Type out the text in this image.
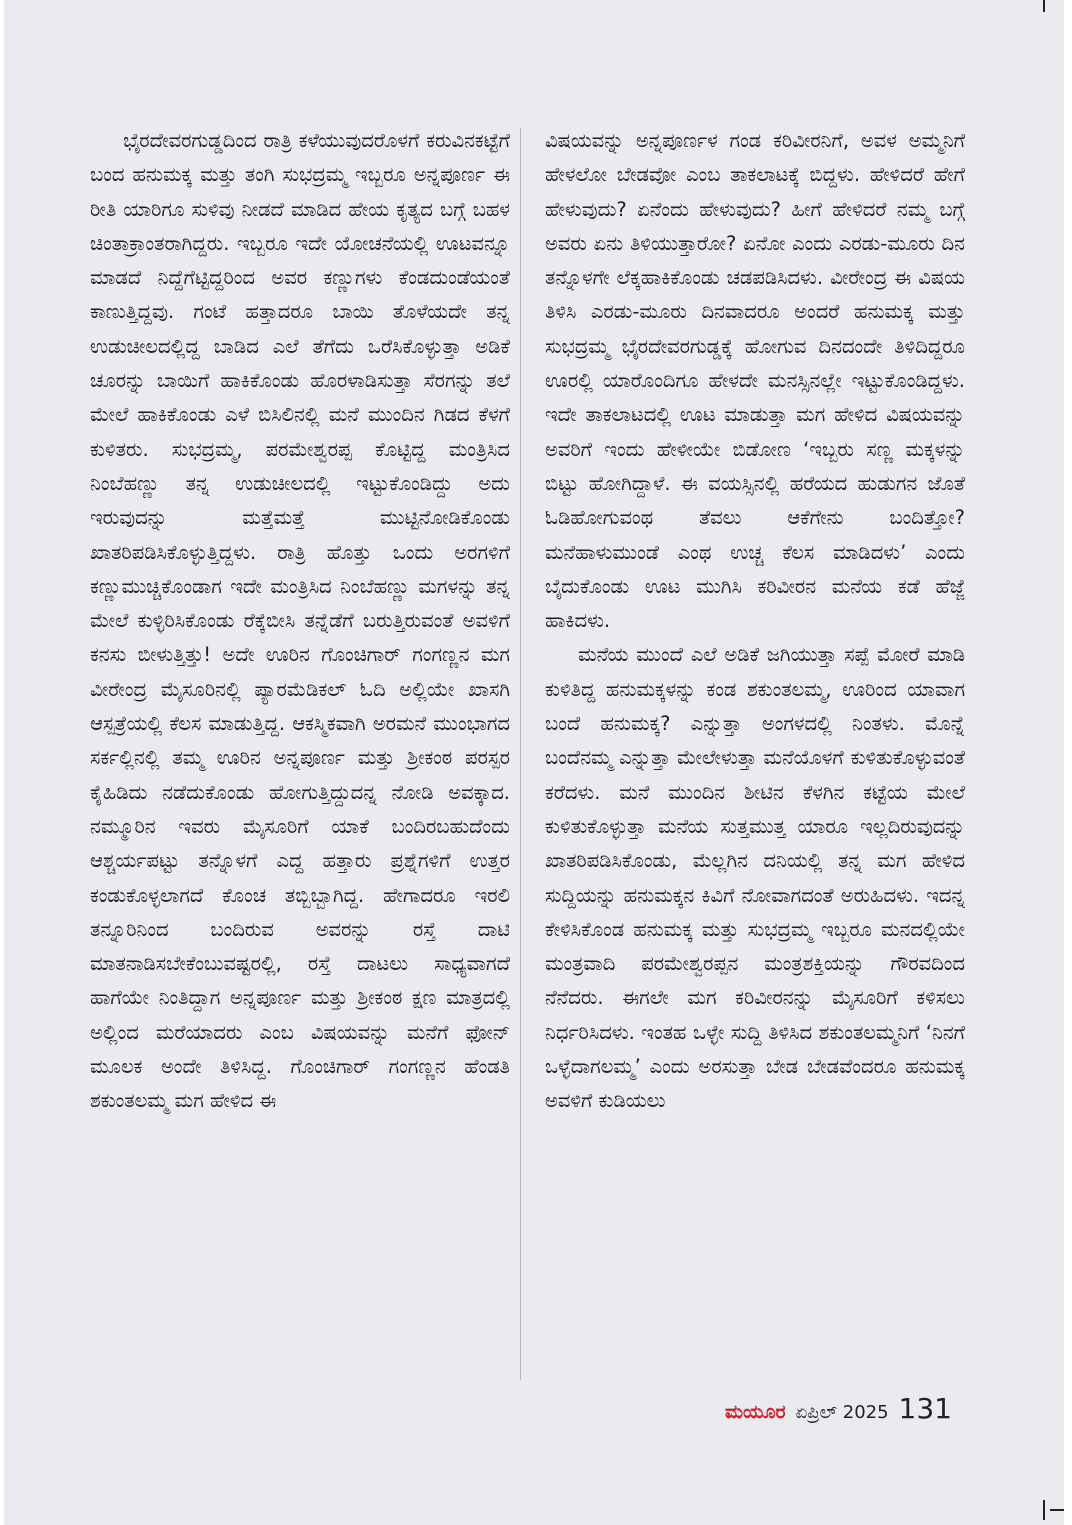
ಭೈರದೇವರಗುಡ್ಡದಿಂದ ರಾತ್ರಿ ಕಳೆಯುವುದರೊಳಗೆ ಕರುವಿನಕಟ್ಟೆಗೆ ಬಂದ ಹನುಮಕ್ಕ ಮತ್ತು ತಂಗಿ ಸುಭದ್ರಮ್ಮ ಇಬ್ಬರೂ ಅನ್ನಪೂರ್ಣ ಈ ರೀತಿ ಯಾರಿಗೂ ಸುಳಿವು ನೀಡದೆ ಮಾಡಿದ ಹೇಯ ಕೃತ್ಯದ ಬಗ್ಗೆ ಬಹಳ ಚಿಂತಾಕ್ರಾಂತರಾಗಿದ್ದರು. ಇಬ್ಬರೂ ಇದೇ ಯೋಚನೆಯಲ್ಲಿ ಊಟವನ್ನೂ ಮಾಡದೆ ನಿದ್ದೆಗೆಟ್ಟಿದ್ದರಿಂದ ಅವರ ಕಣ್ಣುಗಳು ಕೆಂಡದುಂಡೆಯಂತೆ ಕಾಣುತ್ತಿದ್ದವು. ಗಂಟೆ ಹತ್ತಾದರೂ ಬಾಯಿ ತೊಳೆಯದೇ ತನ್ನ ಉಡುಚೀಲದಲ್ಲಿದ್ದ ಬಾಡಿದ ಎಲೆ ತೆಗೆದು ಒರೆಸಿಕೊಳ್ಳುತ್ತಾ ಅಡಿಕೆ ಚೂರನ್ನು ಬಾಯಿಗೆ ಹಾಕಿಕೊಂಡು ಹೊರಳಾಡಿಸುತ್ತಾ ಸೆರಗನ್ನು ತಲೆ ಮೇಲೆ ಹಾಕಿಕೊಂಡು ಎಳೆ ಬಿಸಿಲಿನಲ್ಲಿ ಮನೆ ಮುಂದಿನ ಗಿಡದ ಕೆಳಗೆ ಕುಳಿತರು. ಸುಭದ್ರಮ್ಮ, ಪರಮೇಶ್ವರಪ್ಪ ಕೊಟ್ಟಿದ್ದ ಮಂತ್ರಿಸಿದ ನಿಂಬೆಹಣ್ಣು ತನ್ನ ಉಡುಚೀಲದಲ್ಲಿ ಇಟ್ಟುಕೊಂಡಿದ್ದು ಅದು ಇರುವುದನ್ನು ಮತ್ತೆಮತ್ತೆ ಮುಟ್ಟಿನೋಡಿಕೊಂಡು ಖಾತರಿಪಡಿಸಿಕೊಳ್ಳುತ್ತಿದ್ದಳು. ರಾತ್ರಿ ಹೊತ್ತು ಒಂದು ಅರಗಳಿಗೆ ಕಣ್ಣುಮುಚ್ಚಿಕೊಂಡಾಗ ಇದೇ ಮಂತ್ರಿಸಿದ ನಿಂಬೆಹಣ್ಣು ಮಗಳನ್ನು ತನ್ನ ಮೇಲೆ ಕುಳ್ಳಿರಿಸಿಕೊಂಡು ರೆಕ್ಕೆಬೀಸಿ ತನ್ನೆಡೆಗೆ ಬರುತ್ತಿರುವಂತೆ ಅವಳಿಗೆ ಕನಸು ಬೀಳುತ್ತಿತ್ತು! ಅದೇ ಊರಿನ ಗೊಂಚಿಗಾರ್ ಗಂಗಣ್ಣನ ಮಗ ವೀರೇಂದ್ರ ಮೈಸೂರಿನಲ್ಲಿ ಪ್ಯಾರಮೆಡಿಕಲ್ ಓದಿ ಅಲ್ಲಿಯೇ ಖಾಸಗಿ ಆಸ್ಪತ್ರೆಯಲ್ಲಿ ಕೆಲಸ ಮಾಡುತ್ತಿದ್ದ. ಆಕಸ್ಮಿಕವಾಗಿ ಅರಮನೆ ಮುಂಭಾಗದ ಸರ್ಕಲ್ಲಿನಲ್ಲಿ ತಮ್ಮ ಊರಿನ ಅನ್ನಪೂರ್ಣ ಮತ್ತು ಶ್ರೀಕಂಠ ಪರಸ್ಪರ ಕೈಹಿಡಿದು ನಡೆದುಕೊಂಡು ಹೋಗುತ್ತಿದ್ದುದನ್ನ ನೋಡಿ ಅವಕ್ಕಾದ. ನಮ್ಮೂರಿನ ಇವರು ಮೈಸೂರಿಗೆ ಯಾಕೆ ಬಂದಿರಬಹುದೆಂದು ಆಶ್ಚರ್ಯಪಟ್ಟು ತನ್ನೊಳಗೆ ಎದ್ದ ಹತ್ತಾರು ಪ್ರಶ್ನೆಗಳಿಗೆ ಉತ್ತರ ಕಂಡುಕೊಳ್ಳಲಾಗದೆ ಕೊಂಚ ತಬ್ಬಿಬ್ಬಾಗಿದ್ದ. ಹೇಗಾದರೂ ಇರಲಿ ತನ್ನೂರಿನಿಂದ ಬಂದಿರುವ ಅವರನ್ನು ರಸ್ತೆ ದಾಟಿ ಮಾತನಾಡಿಸಬೇಕೆಂಬುವಷ್ಟರಲ್ಲಿ, ರಸ್ತೆ ದಾಟಲು ಸಾಧ್ಯವಾಗದೆ ಹಾಗೆಯೇ ನಿಂತಿದ್ದಾಗ ಅನ್ನಪೂರ್ಣ ಮತ್ತು ಶ್ರೀಕಂಠ ಕ್ಷಣ ಮಾತ್ರದಲ್ಲಿ ಅಲ್ಲಿಂದ ಮರೆಯಾದರು ಎಂಬ ವಿಷಯವನ್ನು ಮನೆಗೆ ಫೋನ್ ಮೂಲಕ ಅಂದೇ ತಿಳಿಸಿದ್ದ. ಗೊಂಚಿಗಾರ್ ಗಂಗಣ್ಣನ ಹೆಂಡತಿ ಶಕುಂತಲಮ್ಮ ಮಗ ಹೇಳಿದ ಈ

ವಿಷಯವನ್ನು ಅನ್ನಪೂರ್ಣಳ ಗಂಡ ಕರಿವೀರನಿಗೆ, ಅವಳ ಅಮ್ಮನಿಗೆ ಹೇಳಲೋ ಬೇಡವೋ ಎಂಬ ತಾಕಲಾಟಕ್ಕೆ ಬಿದ್ದಳು. ಹೇಳಿದರೆ ಹೇಗೆ ಹೇಳುವುದು? ಏನೆಂದು ಹೇಳುವುದು? ಹೀಗೆ ಹೇಳಿದರೆ ನಮ್ಮ ಬಗ್ಗೆ ಅವರು ಏನು ತಿಳಿಯುತ್ತಾರೋ? ಏನೋ ಎಂದು ಎರಡು-ಮೂರು ದಿನ ತನ್ನೊಳಗೇ ಲೆಕ್ಕಹಾಕಿಕೊಂಡು ಚಡಪಡಿಸಿದಳು. ವೀರೇಂದ್ರ ಈ ವಿಷಯ ತಿಳಿಸಿ ಎರಡು-ಮೂರು ದಿನವಾದರೂ ಅಂದರೆ ಹನುಮಕ್ಕ ಮತ್ತು ಸುಭದ್ರಮ್ಮ ಭೈರದೇವರಗುಡ್ಡಕ್ಕೆ ಹೋಗುವ ದಿನದಂದೇ ತಿಳಿದಿದ್ದರೂ ಊರಲ್ಲಿ ಯಾರೊಂದಿಗೂ ಹೇಳದೇ ಮನಸ್ಸಿನಲ್ಲೇ ಇಟ್ಟುಕೊಂಡಿದ್ದಳು. ಇದೇ ತಾಕಲಾಟದಲ್ಲಿ ಊಟ ಮಾಡುತ್ತಾ ಮಗ ಹೇಳಿದ ವಿಷಯವನ್ನು ಅವರಿಗೆ ಇಂದು ಹೇಳೀಯೇ ಬಿಡೋಣ ‘ಇಬ್ಬರು ಸಣ್ಣ ಮಕ್ಕಳನ್ನು ಬಿಟ್ಟು ಹೋಗಿದ್ದಾಳೆ. ಈ ವಯಸ್ಸಿನಲ್ಲಿ ಹರೆಯದ ಹುಡುಗನ ಜೊತೆ ಓಡಿಹೋಗುವಂಥ ತೆವಲು ಆಕೆಗೇನು ಬಂದಿತ್ತೋ? ಮನೆಹಾಳುಮುಂಡೆ ಎಂಥ ಉಚ್ಚ ಕೆಲಸ ಮಾಡಿದಳು’ ಎಂದು ಬೈದುಕೊಂಡು ಊಟ ಮುಗಿಸಿ ಕರಿವೀರನ ಮನೆಯ ಕಡೆ ಹೆಜ್ಜೆ ಹಾಕಿದಳು.

ಮನೆಯ ಮುಂದೆ ಎಲೆ ಅಡಿಕೆ ಜಗಿಯುತ್ತಾ ಸಪ್ಪೆ ಮೋರೆ ಮಾಡಿ ಕುಳಿತಿದ್ದ ಹನುಮಕ್ಕಳನ್ನು ಕಂಡ ಶಕುಂತಲಮ್ಮ, ಊರಿಂದ ಯಾವಾಗ ಬಂದೆ ಹನುಮಕ್ಕ? ಎನ್ನುತ್ತಾ ಅಂಗಳದಲ್ಲಿ ನಿಂತಳು. ಮೊನ್ನೆ ಬಂದೆನಮ್ಮ ಎನ್ನುತ್ತಾ ಮೇಲೇಳುತ್ತಾ ಮನೆಯೊಳಗೆ ಕುಳಿತುಕೊಳ್ಳುವಂತೆ ಕರೆದಳು. ಮನೆ ಮುಂದಿನ ಶೀಟಿನ ಕೆಳಗಿನ ಕಟ್ಟೆಯ ಮೇಲೆ ಕುಳಿತುಕೊಳ್ಳುತ್ತಾ ಮನೆಯ ಸುತ್ತಮುತ್ತ ಯಾರೂ ಇಲ್ಲದಿರುವುದನ್ನು ಖಾತರಿಪಡಿಸಿಕೊಂಡು, ಮೆಲ್ಲಗಿನ ದನಿಯಲ್ಲಿ ತನ್ನ ಮಗ ಹೇಳಿದ ಸುದ್ದಿಯನ್ನು ಹನುಮಕ್ಕನ ಕಿವಿಗೆ ನೋವಾಗದಂತೆ ಅರುಹಿದಳು. ಇದನ್ನ ಕೇಳಿಸಿಕೊಂಡ ಹನುಮಕ್ಕ ಮತ್ತು ಸುಭದ್ರಮ್ಮ ಇಬ್ಬರೂ ಮನದಲ್ಲಿಯೇ ಮಂತ್ರವಾದಿ ಪರಮೇಶ್ವರಪ್ಪನ ಮಂತ್ರಶಕ್ತಿಯನ್ನು ಗೌರವದಿಂದ ನೆನೆದರು. ಈಗಲೇ ಮಗ ಕರಿವೀರನನ್ನು ಮೈಸೂರಿಗೆ ಕಳಿಸಲು ನಿರ್ಧರಿಸಿದಳು. ಇಂತಹ ಒಳ್ಳೇ ಸುದ್ದಿ ತಿಳಿಸಿದ ಶಕುಂತಲಮ್ಮನಿಗೆ ‘ನಿನಗೆ ಒಳ್ಳೆದಾಗಲಮ್ಮ’ ಎಂದು ಅರಸುತ್ತಾ ಬೇಡ ಬೇಡವೆಂದರೂ ಹನುಮಕ್ಕ ಅವಳಿಗೆ ಕುಡಿಯಲು

ಮಯೂರ ಏಪ್ರಿಲ್ 2025 131
